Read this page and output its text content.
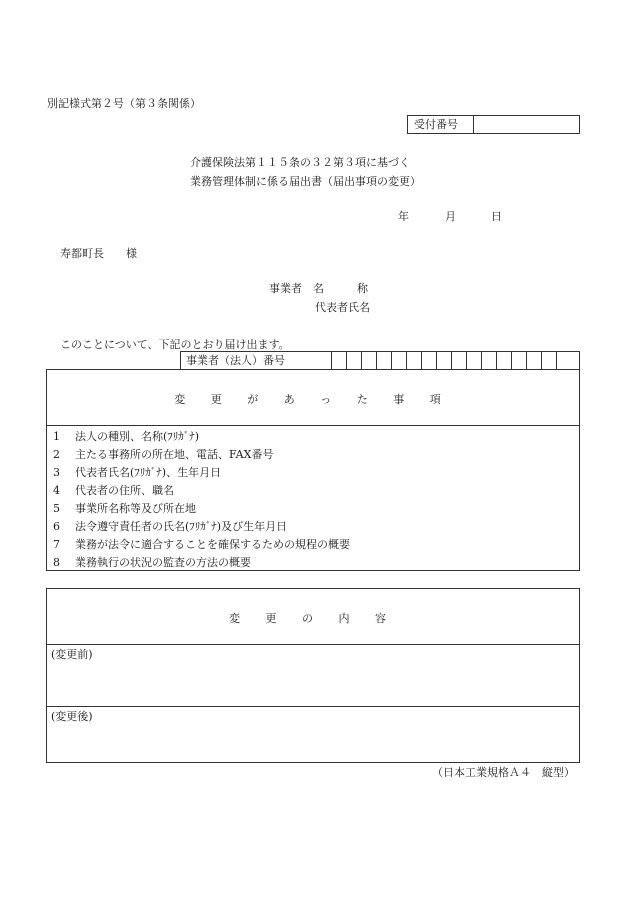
別記様式第２号（第３条関係）
受付番号
介護保険法第１１５条の３２第３項に基づく
業務管理体制に係る届出書（届出事項の変更）
年	月	日
寿都町長　　様
事業者　名　　　称
代表者氏名
このことについて、下記のとおり届け出ます。
事業者（法人）番号
変 更 が あ っ た 事 項
1 法人の種別、名称(ﾌﾘｶﾞﾅ)
2 主たる事務所の所在地、電話、FAX番号
3 代表者氏名(ﾌﾘｶﾞﾅ)、生年月日
4 代表者の住所、職名
5 事業所名称等及び所在地
6 法令遵守責任者の氏名(ﾌﾘｶﾞﾅ)及び生年月日
7 業務が法令に適合することを確保するための規程の概要
8 業務執行の状況の監査の方法の概要
変 更 の 内 容
(変更前)
(変更後)
（日本工業規格Ａ４　縦型）
